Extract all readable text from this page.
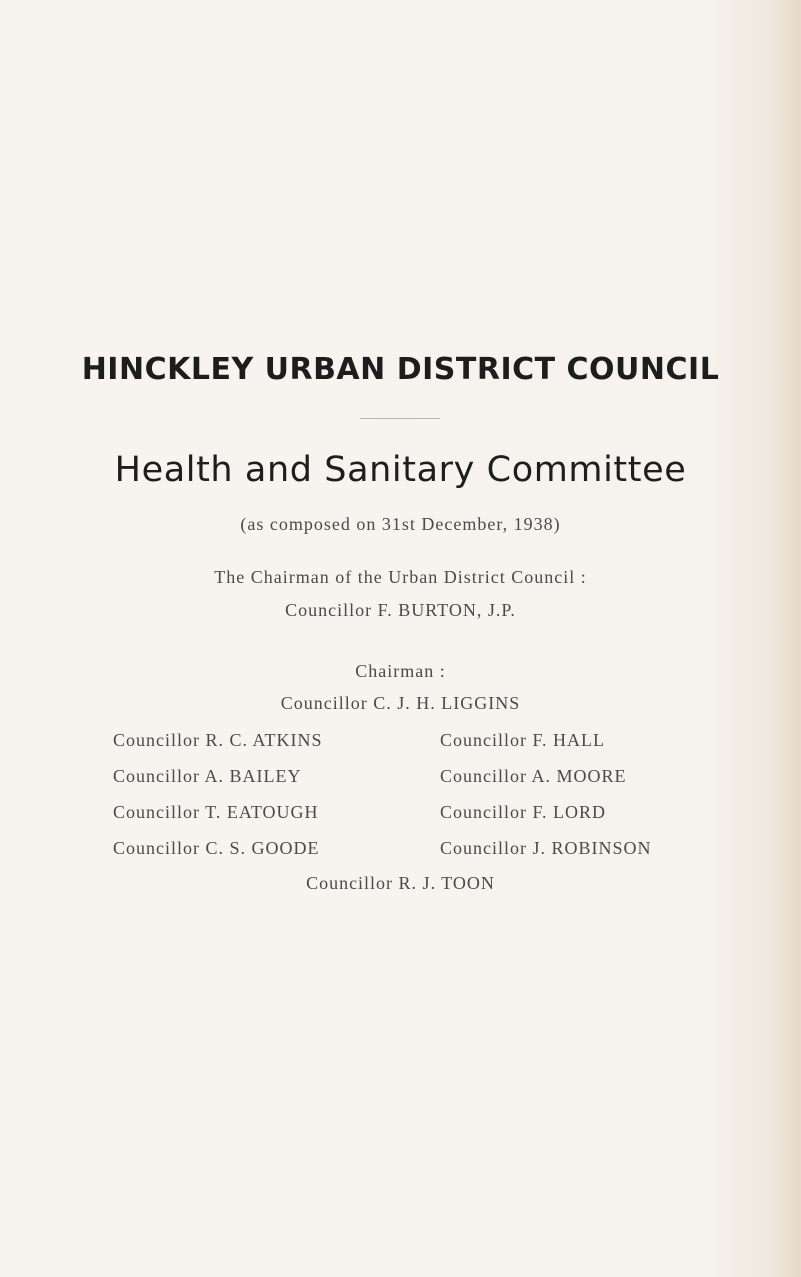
HINCKLEY URBAN DISTRICT COUNCIL
Health and Sanitary Committee
(as composed on 31st December, 1938)
The Chairman of the Urban District Council :
Councillor F. BURTON, J.P.
Chairman :
Councillor C. J. H. LIGGINS
Councillor R. C. ATKINS	Councillor F. HALL
Councillor A. BAILEY	Councillor A. MOORE
Councillor T. EATOUGH	Councillor F. LORD
Councillor C. S. GOODE	Councillor J. ROBINSON
Councillor R. J. TOON
